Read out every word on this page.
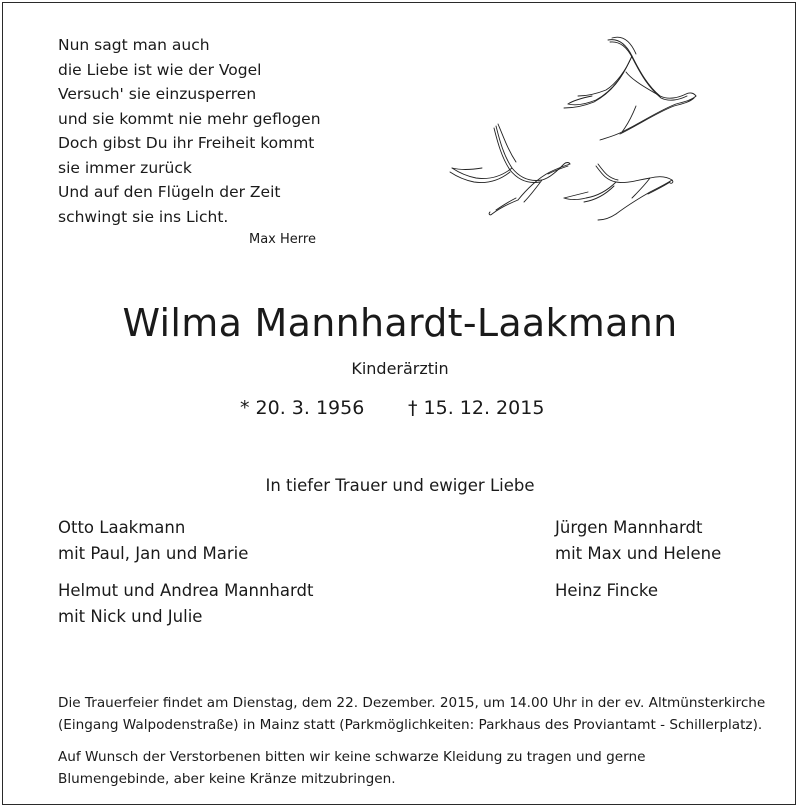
Nun sagt man auch
die Liebe ist wie der Vogel
Versuch' sie einzusperren
und sie kommt nie mehr geflogen
Doch gibst Du ihr Freiheit kommt
sie immer zurück
Und auf den Flügeln der Zeit
schwingt sie ins Licht.
Max Herre
Wilma Mannhardt-Laakmann
Kinderärztin
* 20. 3. 1956 † 15. 12. 2015
In tiefer Trauer und ewiger Liebe
Otto Laakmann
mit Paul, Jan und Marie
Helmut und Andrea Mannhardt
mit Nick und Julie
Jürgen Mannhardt
mit Max und Helene
Heinz Fincke
Die Trauerfeier findet am Dienstag, dem 22. Dezember. 2015, um 14.00 Uhr in der ev. Altmünsterkirche
(Eingang Walpodenstraße) in Mainz statt (Parkmöglichkeiten: Parkhaus des Proviantamt - Schillerplatz).
Auf Wunsch der Verstorbenen bitten wir keine schwarze Kleidung zu tragen und gerne
Blumengebinde, aber keine Kränze mitzubringen.
